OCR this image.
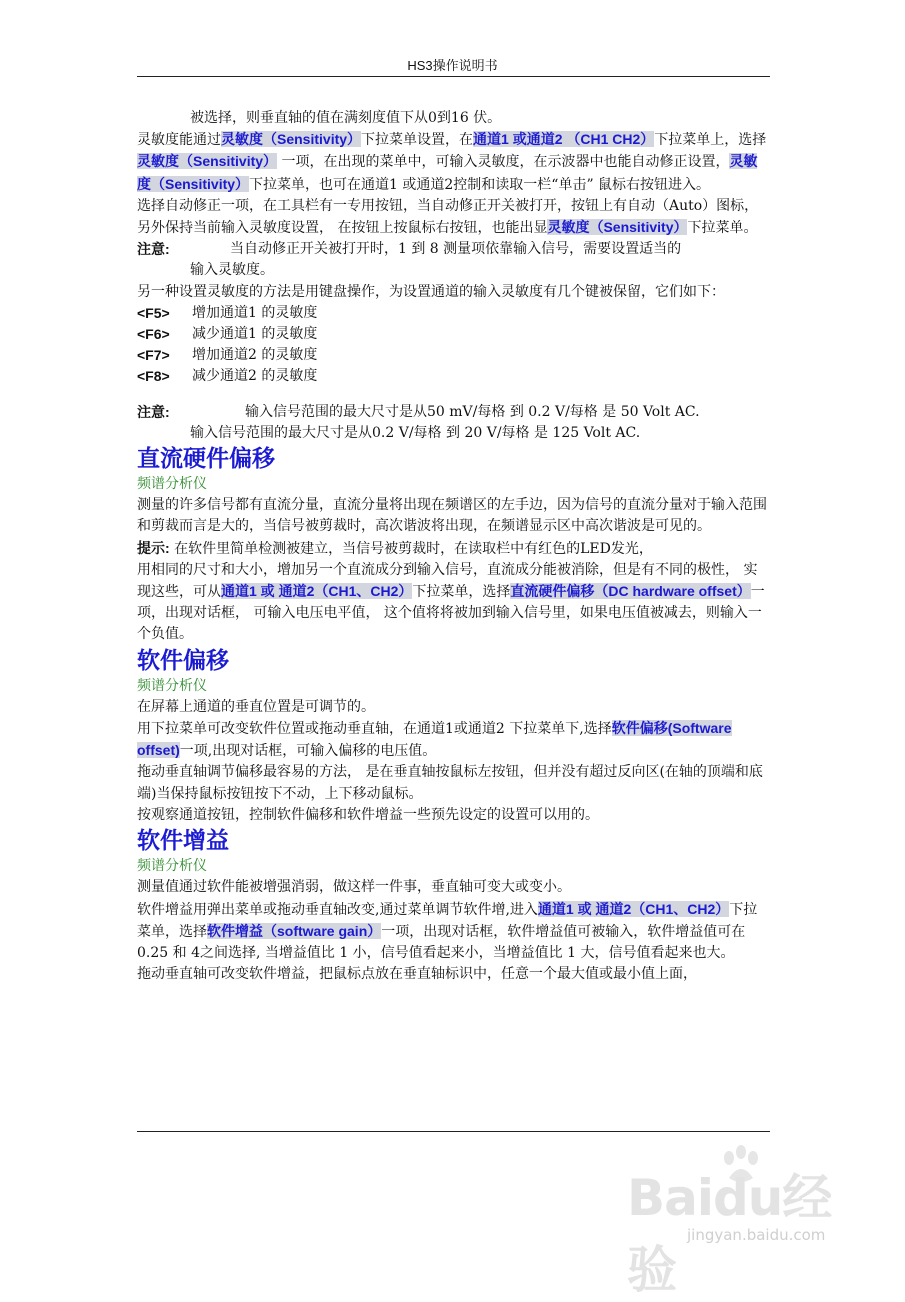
HS3操作说明书

被选择，则垂直轴的值在满刻度值下从0到16 伏。

灵敏度能通过灵敏度（Sensitivity）下拉菜单设置，在通道1 或通道2 （CH1 CH2）下拉菜单上，选择灵敏度（Sensitivity） 一项，在出现的菜单中，可输入灵敏度，在示波器中也能自动修正设置，灵敏度（Sensitivity）下拉菜单，也可在通道1 或通道2控制和读取一栏“单击” 鼠标右按钮进入。

选择自动修正一项，在工具栏有一专用按钮，当自动修正开关被打开，按钮上有自动（Auto）图标， 另外保持当前输入灵敏度设置， 在按钮上按鼠标右按钮，也能出显灵敏度（Sensitivity）下拉菜单。

注意:	当自动修正开关被打开时，1 到 8 测量项依靠输入信号，需要设置适当的

输入灵敏度。

另一种设置灵敏度的方法是用键盘操作，为设置通道的输入灵敏度有几个键被保留，它们如下：

<F5>	增加通道1 的灵敏度
<F6>	减少通道1 的灵敏度
<F7>	增加通道2 的灵敏度
<F8>	减少通道2 的灵敏度
注意:	输入信号范围的最大尺寸是从50 mV/每格 到 0.2 V/每格 是 50 Volt AC.

输入信号范围的最大尺寸是从0.2 V/每格 到 20 V/每格 是 125 Volt AC.

直流硬件偏移
频谱分析仪

测量的许多信号都有直流分量，直流分量将出现在频谱区的左手边，因为信号的直流分量对于输入范围和剪裁而言是大的，当信号被剪裁时，高次谐波将出现，在频谱显示区中高次谐波是可见的。

提示: 在软件里简单检测被建立，当信号被剪裁时，在读取栏中有红色的LED发光，

用相同的尺寸和大小，增加另一个直流成分到输入信号，直流成分能被消除，但是有不同的极性， 实现这些，可从通道1 或 通道2（CH1、CH2）下拉菜单，选择直流硬件偏移（DC hardware offset）一项，出现对话框， 可输入电压电平值， 这个值将将被加到输入信号里，如果电压值被减去，则输入一个负值。

软件偏移
频谱分析仪

在屏幕上通道的垂直位置是可调节的。

用下拉菜单可改变软件位置或拖动垂直轴，在通道1或通道2 下拉菜单下,选择软件偏移(Software offset)一项,出现对话框，可输入偏移的电压值。

拖动垂直轴调节偏移最容易的方法， 是在垂直轴按鼠标左按钮，但并没有超过反向区(在轴的顶端和底端)当保持鼠标按钮按下不动，上下移动鼠标。

按观察通道按钮，控制软件偏移和软件增益一些预先设定的设置可以用的。

软件增益
频谱分析仪

测量值通过软件能被增强消弱，做这样一件事，垂直轴可变大或变小。

软件增益用弹出菜单或拖动垂直轴改变,通过菜单调节软件增,进入通道1 或 通道2（CH1、CH2）下拉菜单，选择软件增益（software gain）一项，出现对话框，软件增益值可被输入，软件增益值可在 0.25 和 4之间选择, 当增益值比 1 小，信号值看起来小，当增益值比 1 大，信号值看起来也大。

拖动垂直轴可改变软件增益，把鼠标点放在垂直轴标识中，任意一个最大值或最小值上面，

Baidu经验
jingyan.baidu.com
